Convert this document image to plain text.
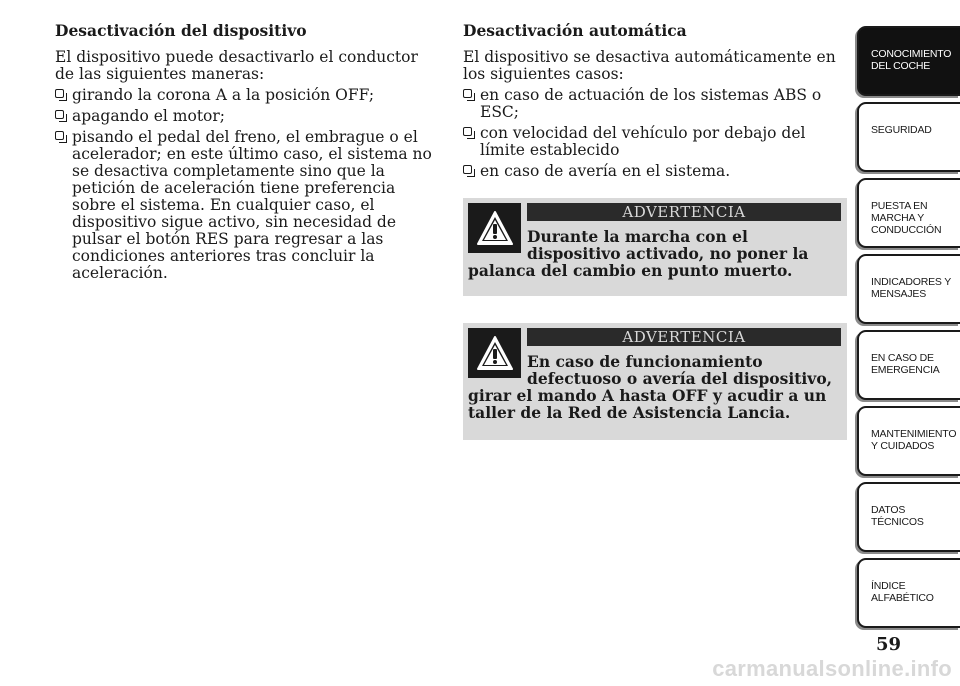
Desactivación del dispositivo
El dispositivo puede desactivarlo el conductor de las siguientes maneras:
girando la corona A a la posición OFF;
apagando el motor;
pisando el pedal del freno, el embrague o el acelerador; en este último caso, el sistema no se desactiva completamente sino que la petición de aceleración tiene preferencia sobre el sistema. En cualquier caso, el dispositivo sigue activo, sin necesidad de pulsar el botón RES para regresar a las condiciones anteriores tras concluir la aceleración.
Desactivación automática
El dispositivo se desactiva automáticamente en los siguientes casos:
en caso de actuación de los sistemas ABS o ESC;
con velocidad del vehículo por debajo del límite establecido
en caso de avería en el sistema.
ADVERTENCIA
Durante la marcha con el dispositivo activado, no poner la palanca del cambio en punto muerto.
ADVERTENCIA
En caso de funcionamiento defectuoso o avería del dispositivo, girar el mando A hasta OFF y acudir a un taller de la Red de Asistencia Lancia.
CONOCIMIENTO DEL COCHE
SEGURIDAD
PUESTA EN MARCHA Y CONDUCCIÓN
INDICADORES Y MENSAJES
EN CASO DE EMERGENCIA
MANTENIMIENTO Y CUIDADOS
DATOS TÉCNICOS
ÍNDICE ALFABÉTICO
59
carmanualsonline.info
